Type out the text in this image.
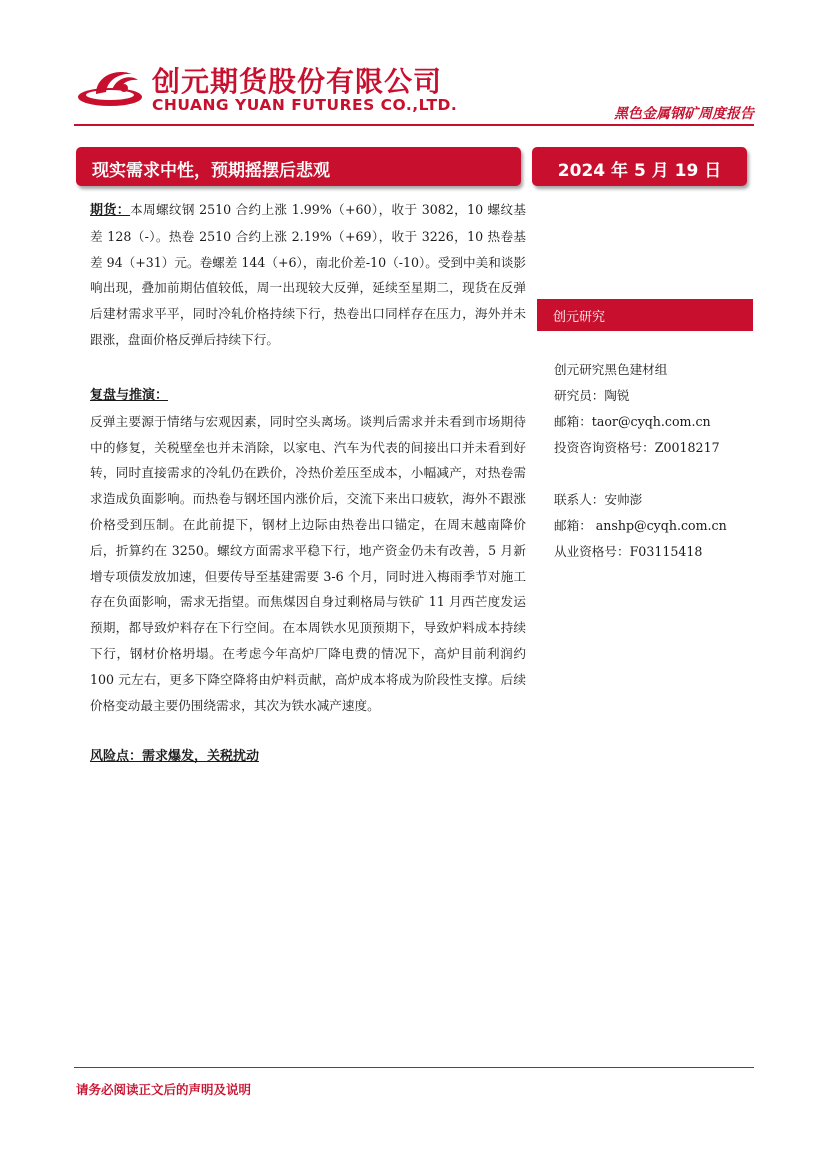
创元期货股份有限公司
CHUANG YUAN FUTURES CO.,LTD.	黑色金属钢矿周度报告
现实需求中性，预期摇摆后悲观	2024 年 5 月 19 日

期货：本周螺纹钢 2510 合约上涨 1.99%（+60），收于 3082，10 螺纹基差 128（-）。热卷 2510 合约上涨 2.19%（+69），收于 3226，10 热卷基差 94（+31）元。卷螺差 144（+6），南北价差-10（-10）。受到中美和谈影响出现，叠加前期估值较低，周一出现较大反弹，延续至星期二，现货在反弹后建材需求平平，同时冷轧价格持续下行，热卷出口同样存在压力，海外并未跟涨，盘面价格反弹后持续下行。

复盘与推演：

反弹主要源于情绪与宏观因素，同时空头离场。谈判后需求并未看到市场期待中的修复，关税壁垒也并未消除，以家电、汽车为代表的间接出口并未看到好转，同时直接需求的冷轧仍在跌价，冷热价差压至成本，小幅减产，对热卷需求造成负面影响。而热卷与钢坯国内涨价后，交流下来出口疲软，海外不跟涨价格受到压制。在此前提下，钢材上边际由热卷出口锚定，在周末越南降价后，折算约在 3250。螺纹方面需求平稳下行，地产资金仍未有改善，5 月新增专项债发放加速，但要传导至基建需要 3-6 个月，同时进入梅雨季节对施工存在负面影响，需求无指望。而焦煤因自身过剩格局与铁矿 11 月西芒度发运预期，都导致炉料存在下行空间。在本周铁水见顶预期下，导致炉料成本持续下行，钢材价格坍塌。在考虑今年高炉厂降电费的情况下，高炉目前利润约 100 元左右，更多下降空降将由炉料贡献，高炉成本将成为阶段性支撑。后续价格变动最主要仍围绕需求，其次为铁水减产速度。

风险点：需求爆发，关税扰动

创元研究
创元研究黑色建材组
研究员：陶锐
邮箱：taor@cyqh.com.cn
投资咨询资格号：Z0018217
联系人：安帅澎
邮箱： anshp@cyqh.com.cn
从业资格号：F03115418
请务必阅读正文后的声明及说明
